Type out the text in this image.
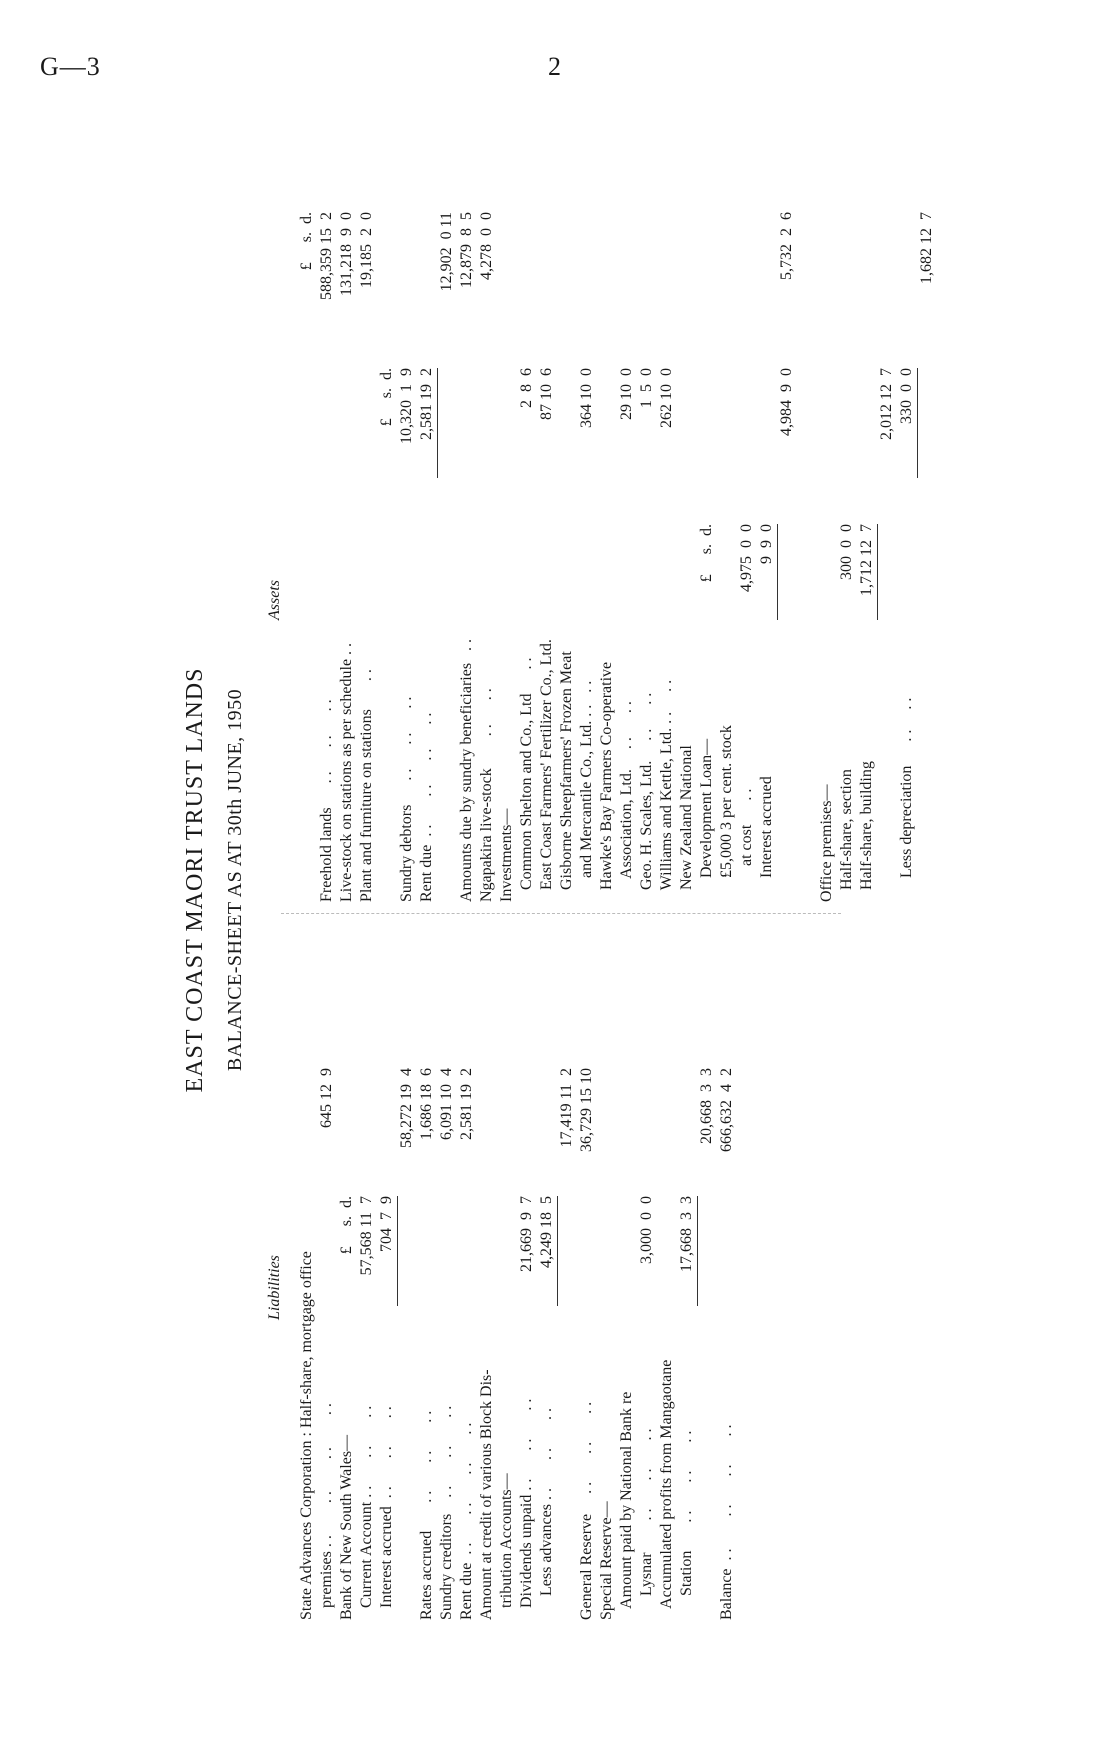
G—3	2
EAST COAST MAORI TRUST LANDS BALANCE-SHEET AS AT 30th JUNE, 1950
Liabilities
Assets
State Advances Corporation : Half-share, mortgage office premises . .        . .        . .        . .
645 12  9
Bank of New South Wales—
£     s.  d.
Current Account . .       . .       . .
57,568 11  7
Interest accrued  . .       . .       . .
704  7  9
58,272 19  4
Rates accrued       . .       . .       . .
1,686 18  6
Sundry creditors    . .       . .       . .
6,091 10  4
Rent due  . .       . .       . .       . .
2,581 19  2
Amount at credit of various Block Dis- tribution Accounts— Dividends unpaid . .       . .       . .
21,669  9  7
Less advances . .       . .       . .
4,249 18  5
17,419 11  2
General Reserve     . .       . .       . .
36,729 15 10
Special Reserve— Amount paid by National Bank re Lysnar        . .       . .       . .
3,000  0  0
Accumulated profits from Mangaotane Station       . .       . .       . .
17,668  3  3
20,668  3  3
Balance  . .        . .       . .       . .
666,632  4  2
£     s.  d.
Freehold lands      . .      . .      . .
588,359 15  2
Live-stock on stations as per schedule . .
131,218  9  0
Plant and furniture on stations       . .
19,185  2  0
£     s.  d.
Sundry debtors      . .      . .      . .
10,320  1  9
Rent due  . .       . .      . .      . .
2,581 19  2
12,902  0 11
Amounts due by sundry beneficiaries   . .
12,879  8  5
Ngapakira live-stock        . .      . .
4,278  0  0
Investments— Common Shelton and Co., Ltd      . .
2  8  6
East Coast Farmers' Fertilizer Co., Ltd.
87 10  6
Gisborne Sheepfarmers' Frozen Meat and Mercantile Co., Ltd. . .   . .
364 10  0
Hawke's Bay Farmers Co-operative Association, Ltd.     . .      . .
29 10  0
Geo. H. Scales, Ltd.     . .      . .
1  5  0
Williams and Kettle, Ltd. . .     . .
262 10  0
New Zealand National Development Loan—
£     s.  d.
£5,000 3 per cent. stock at cost      . .
4,975  0  0
Interest accrued
9  9  0
4,984  9  0
5,732  2  6
Office premises— Half-share, section
300  0  0
Half-share, building
1,712 12  7
2,012 12  7
Less depreciation      . .     . .
330  0  0
1,682 12  7
